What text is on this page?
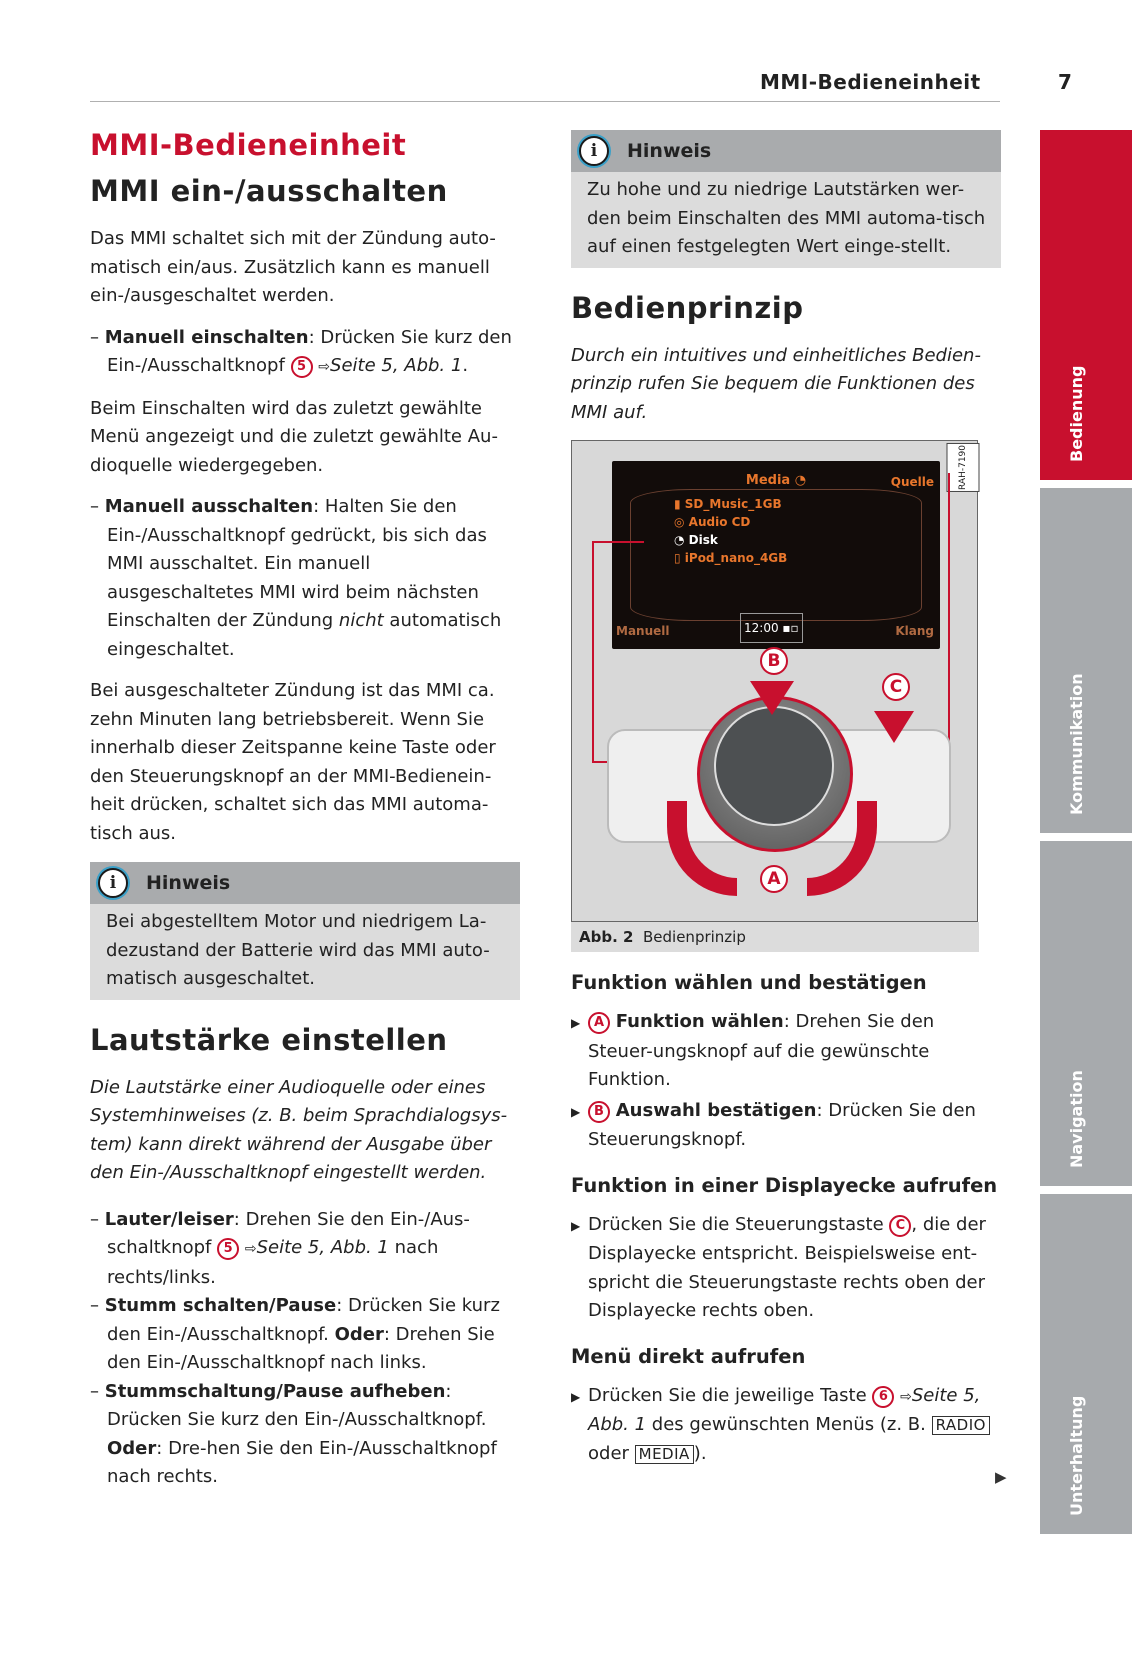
MMI-Bedieneinheit	7
MMI-Bedieneinheit
MMI ein-/ausschalten

Das MMI schaltet sich mit der Zündung auto-matisch ein/aus. Zusätzlich kann es manuell ein-/ausgeschaltet werden.

– Manuell einschalten: Drücken Sie kurz den Ein-/Ausschaltknopf 5 ⇨Seite 5, Abb. 1.

Beim Einschalten wird das zuletzt gewählte Menü angezeigt und die zuletzt gewählte Au-dioquelle wiedergegeben.

– Manuell ausschalten: Halten Sie den Ein-/Ausschaltknopf gedrückt, bis sich das MMI ausschaltet. Ein manuell ausgeschaltetes MMI wird beim nächsten Einschalten der Zündung nicht automatisch eingeschaltet.

Bei ausgeschalteter Zündung ist das MMI ca. zehn Minuten lang betriebsbereit. Wenn Sie innerhalb dieser Zeitspanne keine Taste oder den Steuerungsknopf an der MMI-Bedienein-heit drücken, schaltet sich das MMI automa-tisch aus.

i	Hinweis
Bei abgestelltem Motor und niedrigem La-dezustand der Batterie wird das MMI auto-matisch ausgeschaltet.
Lautstärke einstellen

Die Lautstärke einer Audioquelle oder eines Systemhinweises (z. B. beim Sprachdialogsys-tem) kann direkt während der Ausgabe über den Ein-/Ausschaltknopf eingestellt werden.

– Lauter/leiser: Drehen Sie den Ein-/Aus-schaltknopf 5 ⇨Seite 5, Abb. 1 nach rechts/links.
– Stumm schalten/Pause: Drücken Sie kurz den Ein-/Ausschaltknopf. Oder: Drehen Sie den Ein-/Ausschaltknopf nach links.
– Stummschaltung/Pause aufheben: Drücken Sie kurz den Ein-/Ausschaltknopf. Oder: Dre-hen Sie den Ein-/Ausschaltknopf nach rechts.
i	Hinweis
Zu hohe und zu niedrige Lautstärken wer-den beim Einschalten des MMI automa-tisch auf einen festgelegten Wert einge-stellt.
Bedienprinzip

Durch ein intuitives und einheitliches Bedien-prinzip rufen Sie bequem die Funktionen des MMI auf.

RAH-7190
Media ◔	Quelle
▮ SD_Music_1GB
◎ Audio CD
◔ Disk
▯ iPod_nano_4GB
Manuell	12:00 ▪▫	Klang
B
C
A
Abb. 2 Bedienprinzip
Funktion wählen und bestätigen
▶ A Funktion wählen: Drehen Sie den Steuer-ungsknopf auf die gewünschte Funktion.
▶ B Auswahl bestätigen: Drücken Sie den Steuerungsknopf.
Funktion in einer Displayecke aufrufen
▶ Drücken Sie die Steuerungstaste C , die der Displayecke entspricht. Beispielsweise ent-spricht die Steuerungstaste rechts oben der Displayecke rechts oben.
Menü direkt aufrufen
▶ Drücken Sie die jeweilige Taste 6 ⇨Seite 5, Abb. 1 des gewünschten Menüs (z. B. RADIO oder MEDIA ).
▶
Bedienung
Kommunikation
Navigation
Unterhaltung
